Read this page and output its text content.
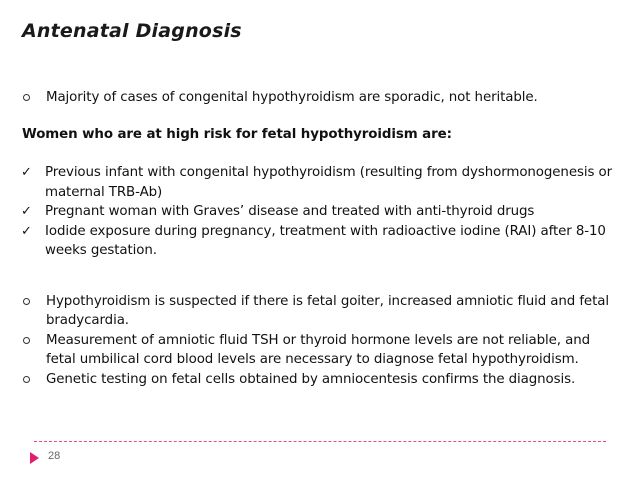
Antenatal Diagnosis
Majority of cases of congenital hypothyroidism are sporadic, not heritable.
Women who are at high risk for fetal hypothyroidism are:
✓ Previous infant with congenital hypothyroidism (resulting from dyshormonogenesis or maternal TRB-Ab)
✓ Pregnant woman with Graves’ disease and treated with anti-thyroid drugs
✓ Iodide exposure during pregnancy, treatment with radioactive iodine (RAI) after 8-10 weeks gestation.
Hypothyroidism is suspected if there is fetal goiter, increased amniotic fluid and fetal bradycardia.
Measurement of amniotic fluid TSH or thyroid hormone levels are not reliable, and fetal umbilical cord blood levels are necessary to diagnose fetal hypothyroidism.
Genetic testing on fetal cells obtained by amniocentesis confirms the diagnosis.
28
